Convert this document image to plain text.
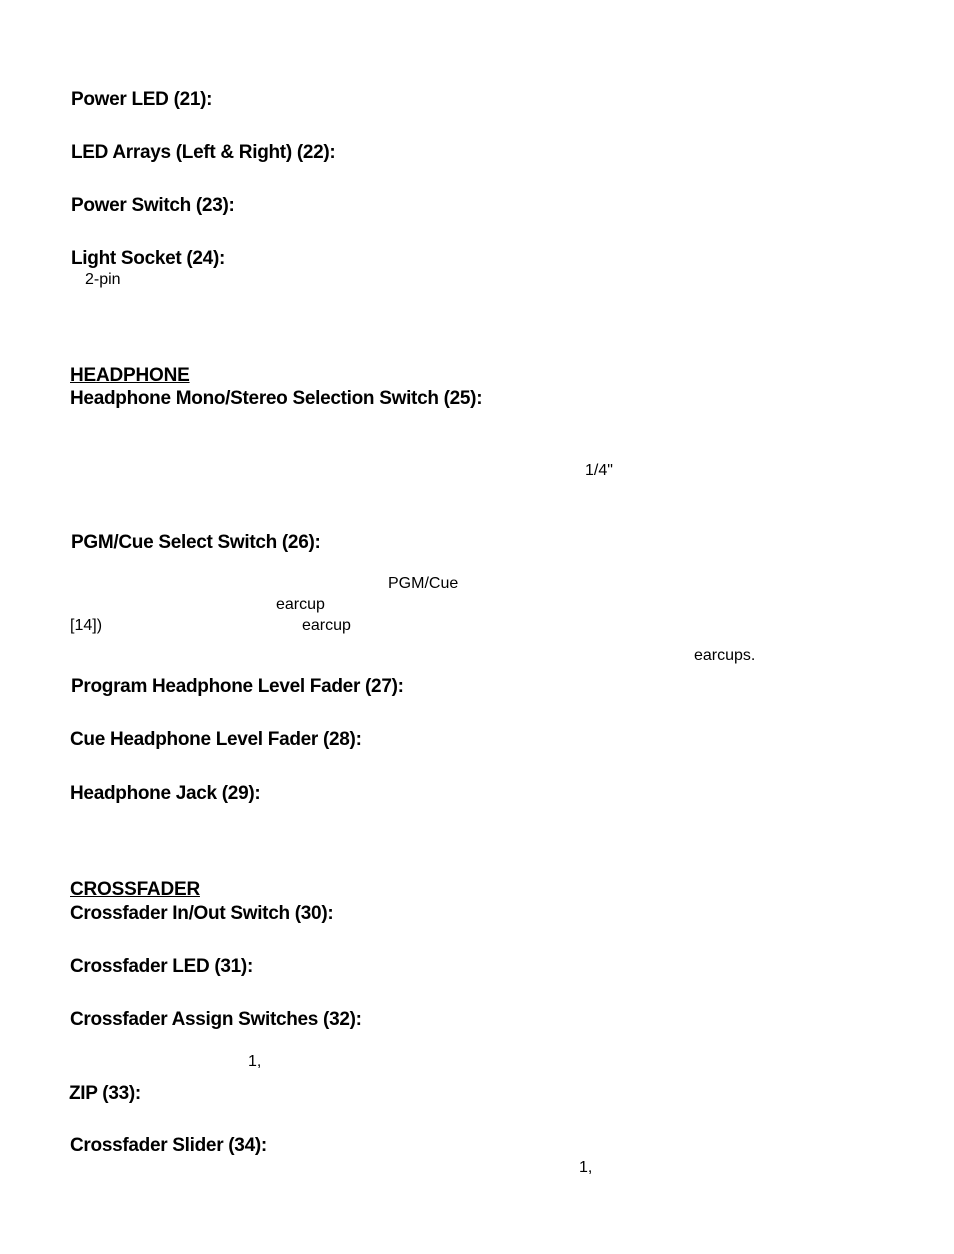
Power LED (21):
LED Arrays (Left & Right) (22):
Power Switch (23):
Light Socket (24):
2-pin
HEADPHONE
Headphone Mono/Stereo Selection Switch (25):
1/4"
PGM/Cue Select Switch (26):
PGM/Cue
earcup
[14])	earcup
earcups.
Program Headphone Level Fader (27):
Cue Headphone Level Fader (28):
Headphone Jack (29):
CROSSFADER
Crossfader In/Out Switch (30):
Crossfader LED (31):
Crossfader Assign Switches (32):
1,
ZIP (33):
Crossfader Slider (34):
1,
